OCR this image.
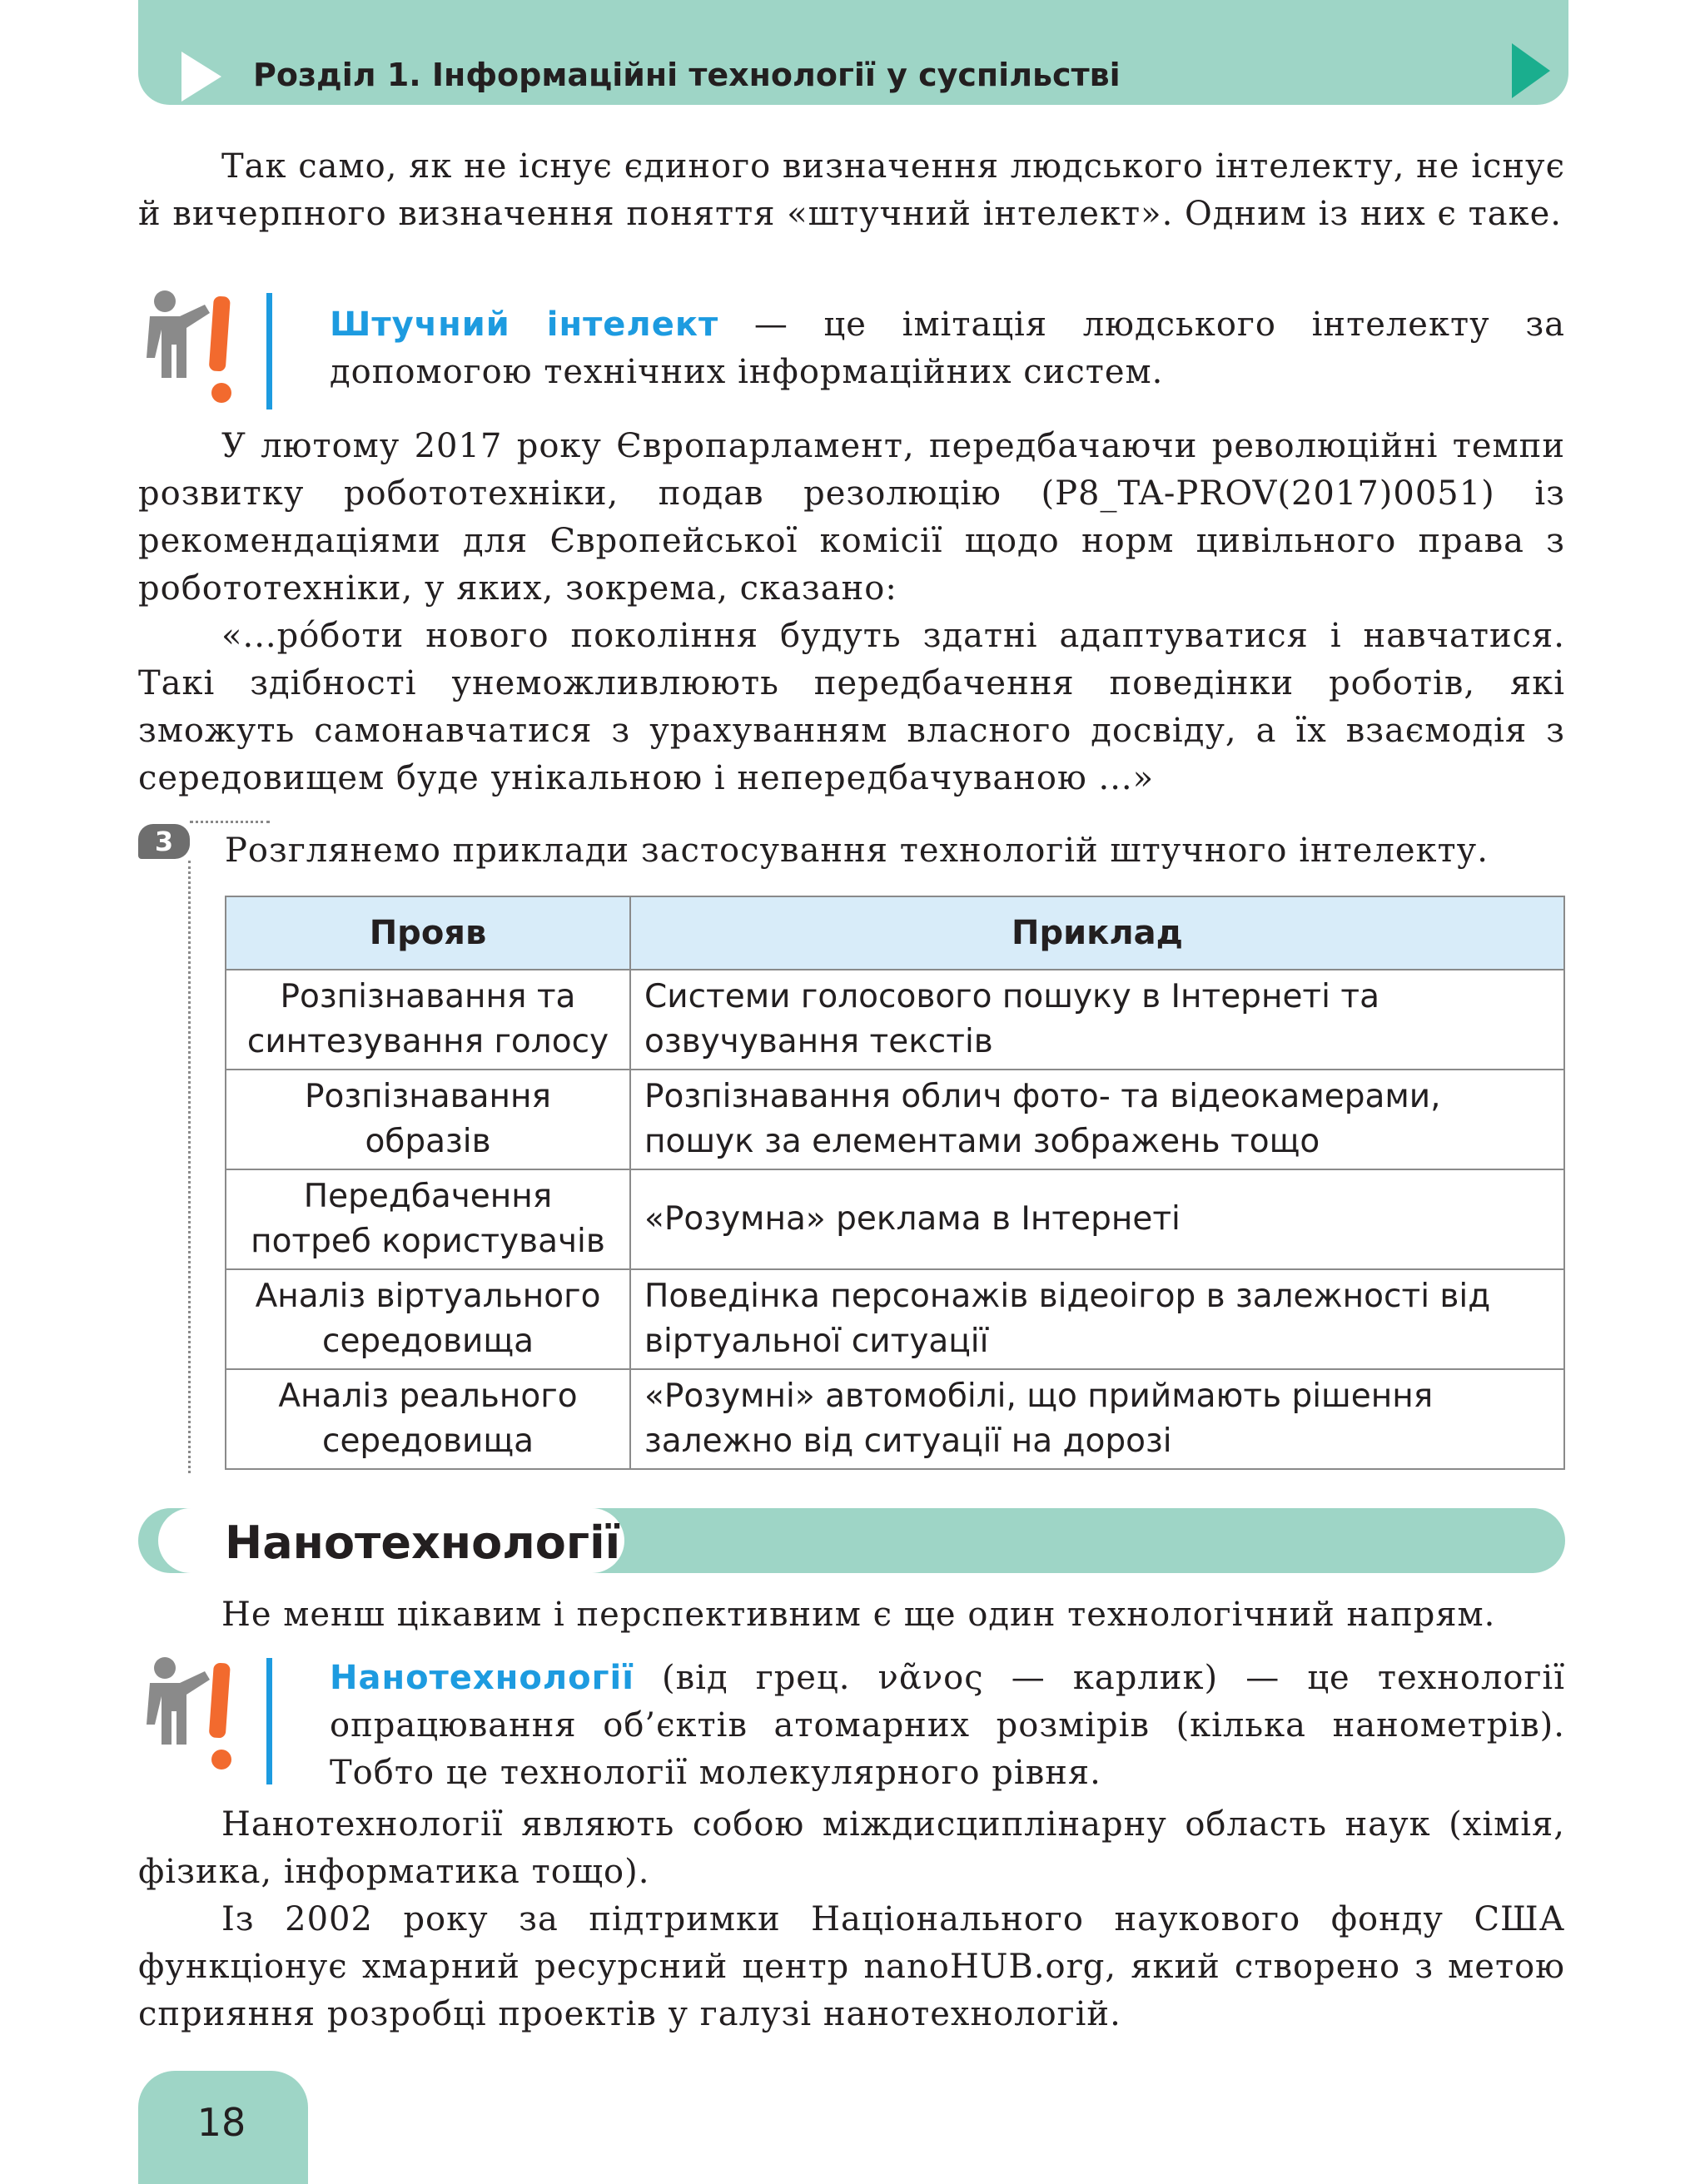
Розділ 1. Інформаційні технології у суспільстві
Так само, як не існує єдиного визначення людського інтелекту, не існує й вичерпного визначення поняття «штучний інтелект». Одним із них є таке.
Штучний інтелект — це імітація людського інтелекту за допомогою технічних інформаційних систем.
У лютому 2017 року Європарламент, передбачаючи революційні темпи розвитку робототехніки, подав резолюцію (P8_TA-PROV(2017)0051) із рекомендаціями для Європейської комісії щодо норм цивільного права з робототехніки, у яких, зокрема, сказано:
«...ро́боти нового покоління будуть здатні адаптуватися і навчатися. Такі здібності унеможливлюють передбачення поведінки роботів, які зможуть самонавчатися з урахуванням власного досвіду, а їх взаємодія з середовищем буде унікальною і непередбачуваною ...»
3	Розглянемо приклади застосування технологій штучного інтелекту.
Прояв	Приклад
Розпізнавання та синтезування голосу	Системи голосового пошуку в Інтернеті та озвучування текстів
Розпізнавання образів	Розпізнавання облич фото- та відеокамерами, пошук за елементами зображень тощо
Передбачення потреб користувачів	«Розумна» реклама в Інтернеті
Аналіз віртуального середовища	Поведінка персонажів відеоігор в залежності від віртуальної ситуації
Аналіз реального середовища	«Розумні» автомобілі, що приймають рішення залежно від ситуації на дорозі
Нанотехнології
Не менш цікавим і перспективним є ще один технологічний напрям.
Нанотехнології (від грец. νᾶνος — карлик) — це технології опрацювання об’єктів атомарних розмірів (кілька нанометрів). Тобто це технології молекулярного рівня.
Нанотехнології являють собою міждисциплінарну область наук (хімія, фізика, інформатика тощо).
Із 2002 року за підтримки Національного наукового фонду США функціонує хмарний ресурсний центр nanoHUB.org, який створено з метою сприяння розробці проектів у галузі нанотехнологій.
18
